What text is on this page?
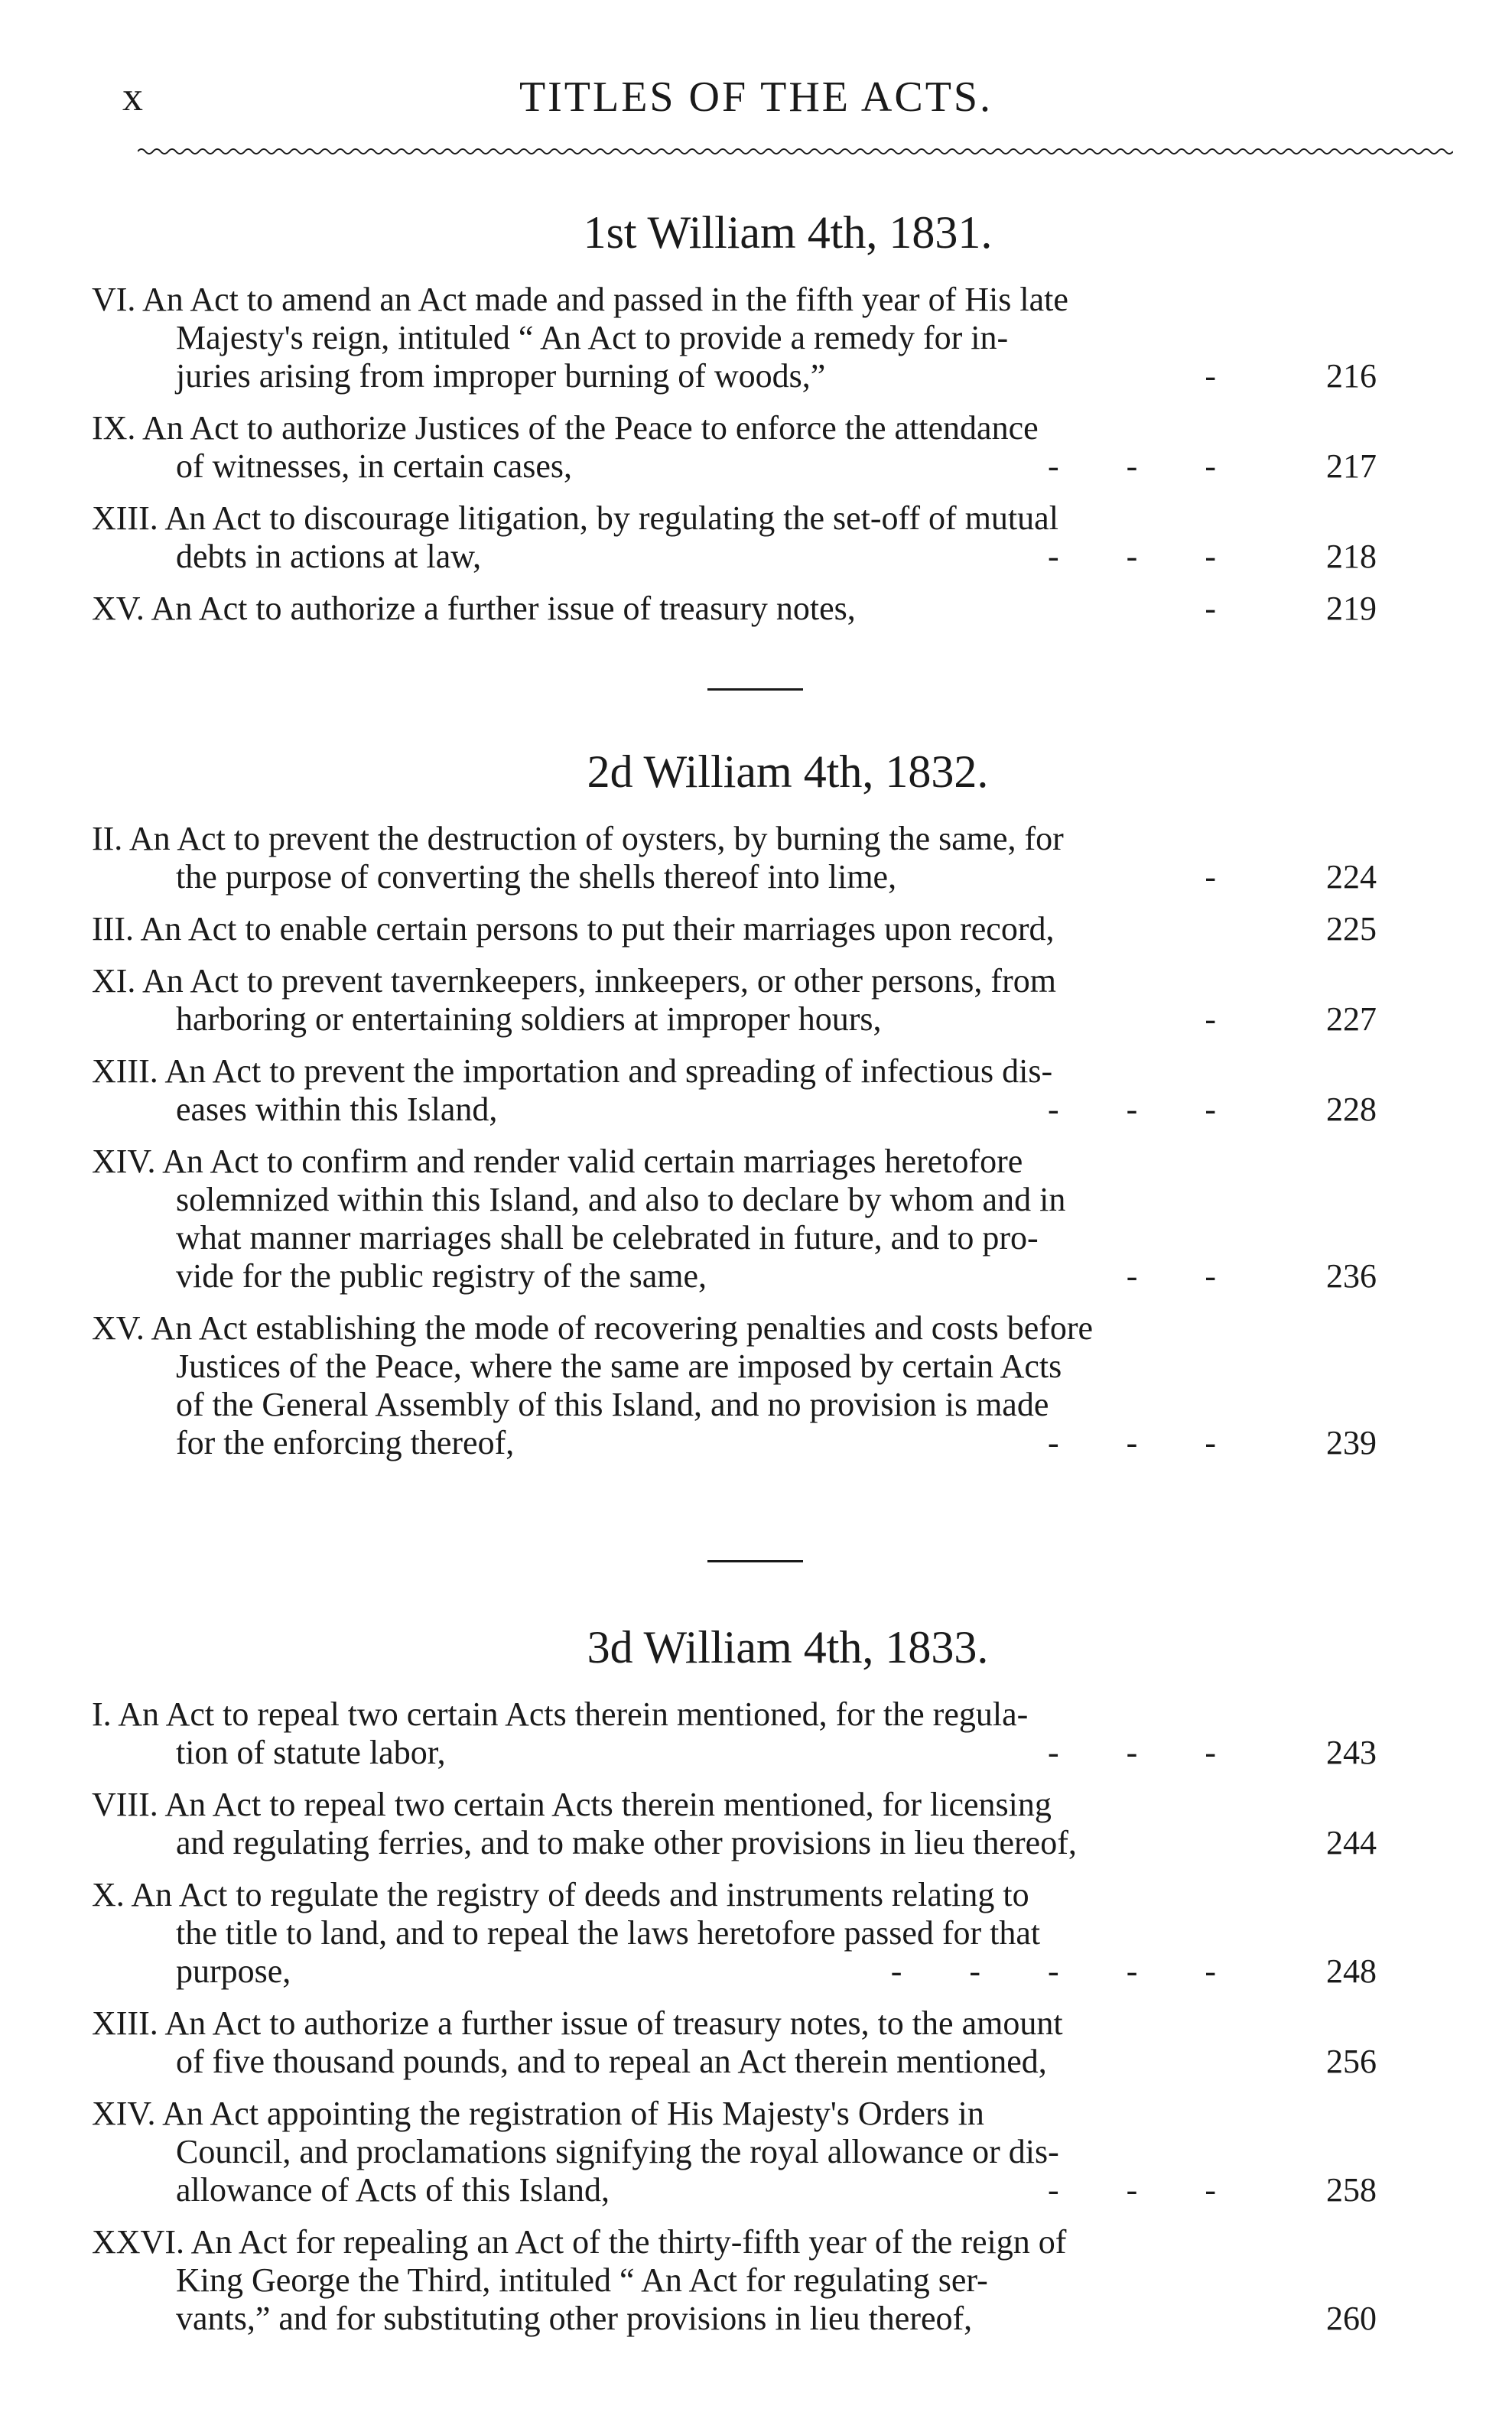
x	TITLES OF THE ACTS.
1st William 4th, 1831.
VI. An Act to amend an Act made and passed in the fifth year of His late
Majesty's reign, intituled “ An Act to provide a remedy for in-
juries arising from improper burning of woods,”	-	216
IX. An Act to authorize Justices of the Peace to enforce the attendance
of witnesses, in certain cases,	-        -        -	217
XIII. An Act to discourage litigation, by regulating the set-off of mutual
debts in actions at law,	-        -        -	218
XV. An Act to authorize a further issue of treasury notes,	-	219
2d William 4th, 1832.
II. An Act to prevent the destruction of oysters, by burning the same, for
the purpose of converting the shells thereof into lime,	-	224
III. An Act to enable certain persons to put their marriages upon record,	225
XI. An Act to prevent tavernkeepers, innkeepers, or other persons, from
harboring or entertaining soldiers at improper hours,	-	227
XIII. An Act to prevent the importation and spreading of infectious dis-
eases within this Island,	-        -        -	228
XIV. An Act to confirm and render valid certain marriages heretofore
solemnized within this Island, and also to declare by whom and in
what manner marriages shall be celebrated in future, and to pro-
vide for the public registry of the same,	-        -	236
XV. An Act establishing the mode of recovering penalties and costs before
Justices of the Peace, where the same are imposed by certain Acts
of the General Assembly of this Island, and no provision is made
for the enforcing thereof,	-        -        -	239
3d William 4th, 1833.
I. An Act to repeal two certain Acts therein mentioned, for the regula-
tion of statute labor,	-        -        -	243
VIII. An Act to repeal two certain Acts therein mentioned, for licensing
and regulating ferries, and to make other provisions in lieu thereof,	244
X. An Act to regulate the registry of deeds and instruments relating to
the title to land, and to repeal the laws heretofore passed for that
purpose,	-        -        -        -        -	248
XIII. An Act to authorize a further issue of treasury notes, to the amount
of five thousand pounds, and to repeal an Act therein mentioned,	256
XIV. An Act appointing the registration of His Majesty's Orders in
Council, and proclamations signifying the royal allowance or dis-
allowance of Acts of this Island,	-        -        -	258
XXVI. An Act for repealing an Act of the thirty-fifth year of the reign of
King George the Third, intituled “ An Act for regulating ser-
vants,” and for substituting other provisions in lieu thereof,	260
